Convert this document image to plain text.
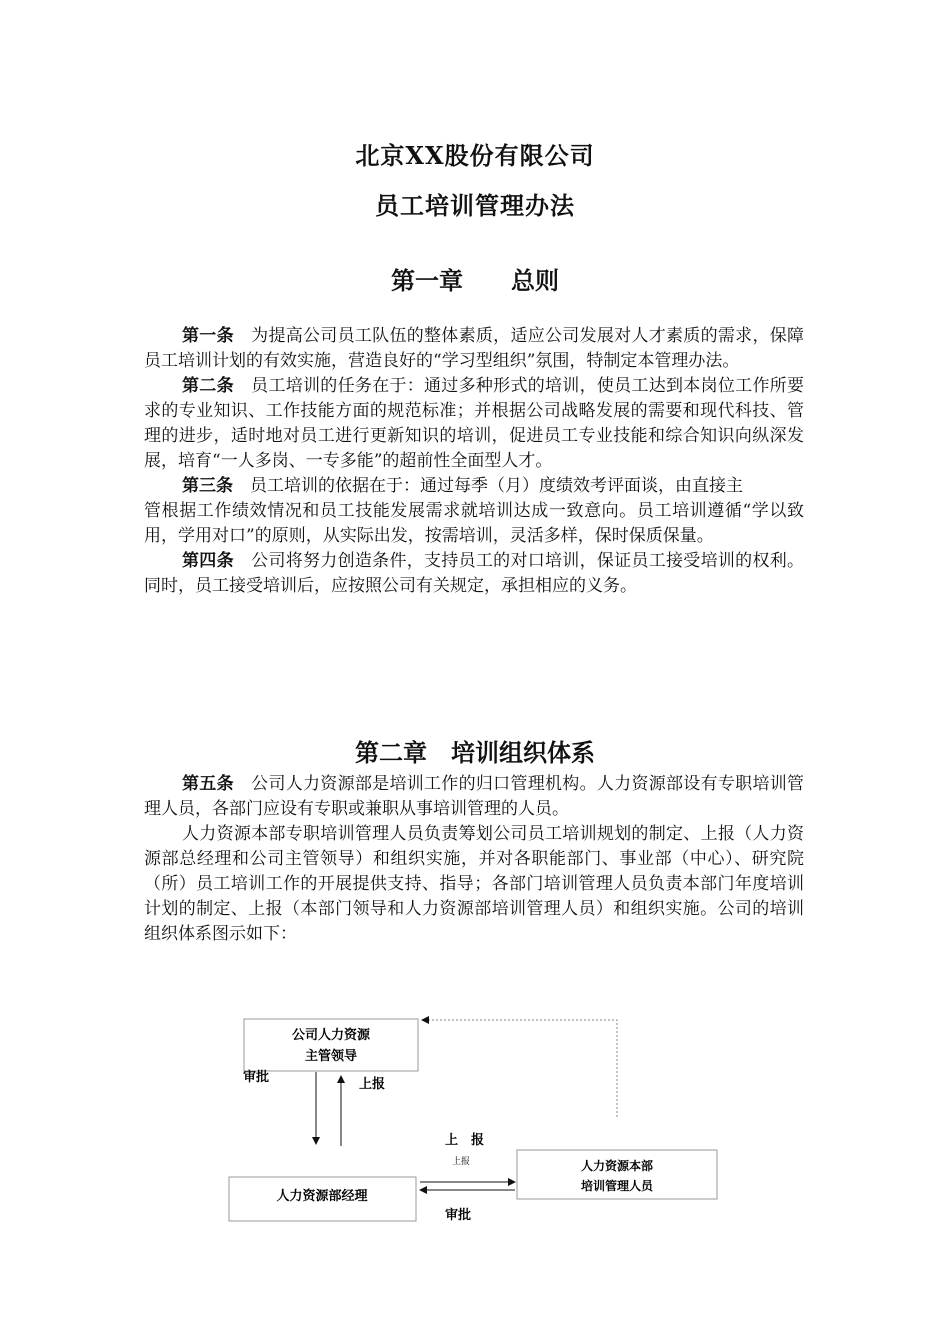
北京XX股份有限公司
员工培训管理办法
第一章　　总则

第一条　 为提高公司员工队伍的整体素质，适应公司发展对人才素质的需求，保障员工培训计划的有效实施，营造良好的“学习型组织”氛围，特制定本管理办法。

第二条　 员工培训的任务在于：通过多种形式的培训，使员工达到本岗位工作所要求的专业知识、工作技能方面的规范标准；并根据公司战略发展的需要和现代科技、管理的进步，适时地对员工进行更新知识的培训，促进员工专业技能和综合知识向纵深发展，培育“一人多岗、一专多能”的超前性全面型人才。

第三条　 员工培训的依据在于：通过每季（月）度绩效考评面谈，由直接主

管根据工作绩效情况和员工技能发展需求就培训达成一致意向。员工培训遵循“学以致用，学用对口”的原则，从实际出发，按需培训，灵活多样，保时保质保量。

第四条　 公司将努力创造条件，支持员工的对口培训，保证员工接受培训的权利。同时，员工接受培训后，应按照公司有关规定，承担相应的义务。

第二章　培训组织体系

第五条　 公司人力资源部是培训工作的归口管理机构。人力资源部设有专职培训管理人员，各部门应设有专职或兼职从事培训管理的人员。

人力资源本部专职培训管理人员负责筹划公司员工培训规划的制定、上报（人力资源部总经理和公司主管领导）和组织实施，并对各职能部门、事业部（中心）、研究院（所）员工培训工作的开展提供支持、指导；各部门培训管理人员负责本部门年度培训计划的制定、上报（本部门领导和人力资源部培训管理人员）和组织实施。公司的培训组织体系图示如下：

公司人力资源
主管领导
人力资源部经理
人力资源本部
培训管理人员
审批	上报
上　报
上报
审批
